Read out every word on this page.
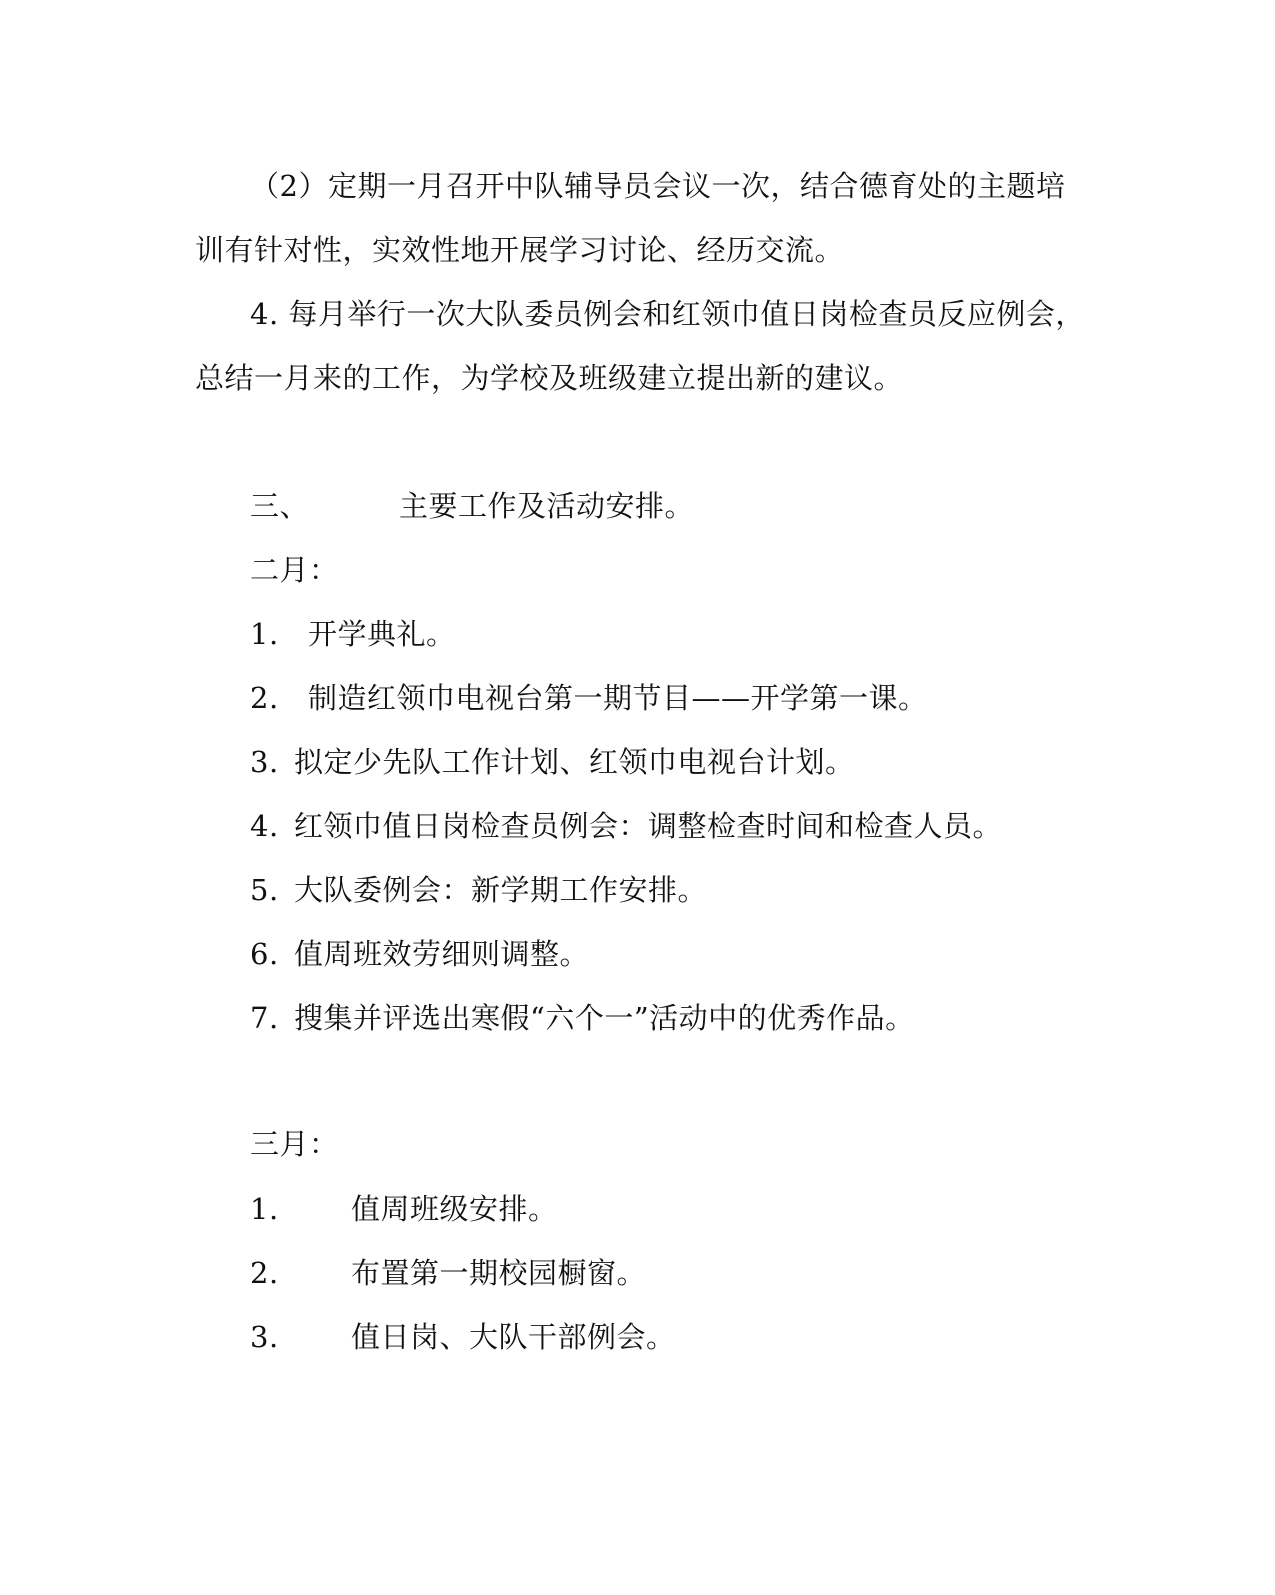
（2）定期一月召开中队辅导员会议一次，结合德育处的主题培
训有针对性，实效性地开展学习讨论、经历交流。
4. 每月举行一次大队委员例会和红领巾值日岗检查员反应例会，
总结一月来的工作，为学校及班级建立提出新的建议。
三、	主要工作及活动安排。
二月：
1. 开学典礼。
2. 制造红领巾电视台第一期节目——开学第一课。
3. 拟定少先队工作计划、红领巾电视台计划。
4. 红领巾值日岗检查员例会：调整检查时间和检查人员。
5. 大队委例会：新学期工作安排。
6. 值周班效劳细则调整。
7. 搜集并评选出寒假“六个一”活动中的优秀作品。
三月：
1. 值周班级安排。
2. 布置第一期校园橱窗。
3. 值日岗、大队干部例会。
